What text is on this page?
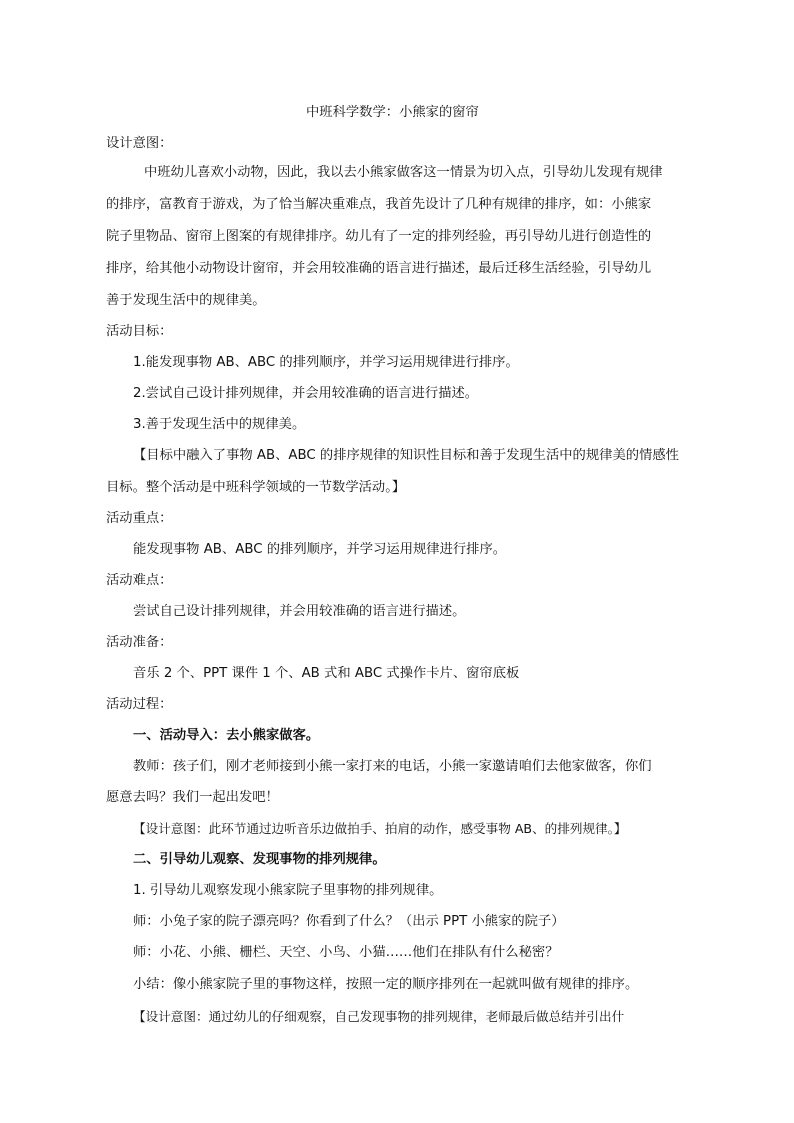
中班科学数学：小熊家的窗帘

设计意图：

中班幼儿喜欢小动物，因此，我以去小熊家做客这一情景为切入点，引导幼儿发现有规律

的排序，富教育于游戏，为了恰当解决重难点，我首先设计了几种有规律的排序，如：小熊家

院子里物品、窗帘上图案的有规律排序。幼儿有了一定的排列经验，再引导幼儿进行创造性的

排序，给其他小动物设计窗帘，并会用较准确的语言进行描述，最后迁移生活经验，引导幼儿

善于发现生活中的规律美。

活动目标：

1.能发现事物 AB、ABC 的排列顺序，并学习运用规律进行排序。

2.尝试自己设计排列规律，并会用较准确的语言进行描述。

3.善于发现生活中的规律美。

【目标中融入了事物 AB、ABC 的排序规律的知识性目标和善于发现生活中的规律美的情感性

目标。整个活动是中班科学领域的一节数学活动。】

活动重点：

能发现事物 AB、ABC 的排列顺序，并学习运用规律进行排序。

活动难点：

尝试自己设计排列规律，并会用较准确的语言进行描述。

活动准备：

音乐 2 个、PPT 课件 1 个、AB 式和 ABC 式操作卡片、窗帘底板

活动过程：

一、活动导入：去小熊家做客。

教师：孩子们，刚才老师接到小熊一家打来的电话，小熊一家邀请咱们去他家做客，你们

愿意去吗？我们一起出发吧！

【设计意图：此环节通过边听音乐边做拍手、拍肩的动作，感受事物 AB、的排列规律。】

二、引导幼儿观察、发现事物的排列规律。

1. 引导幼儿观察发现小熊家院子里事物的排列规律。

师：小兔子家的院子漂亮吗？你看到了什么？（出示 PPT 小熊家的院子）

师：小花、小熊、栅栏、天空、小鸟、小猫……他们在排队有什么秘密？

小结：像小熊家院子里的事物这样，按照一定的顺序排列在一起就叫做有规律的排序。

【设计意图：通过幼儿的仔细观察，自己发现事物的排列规律，老师最后做总结并引出什
